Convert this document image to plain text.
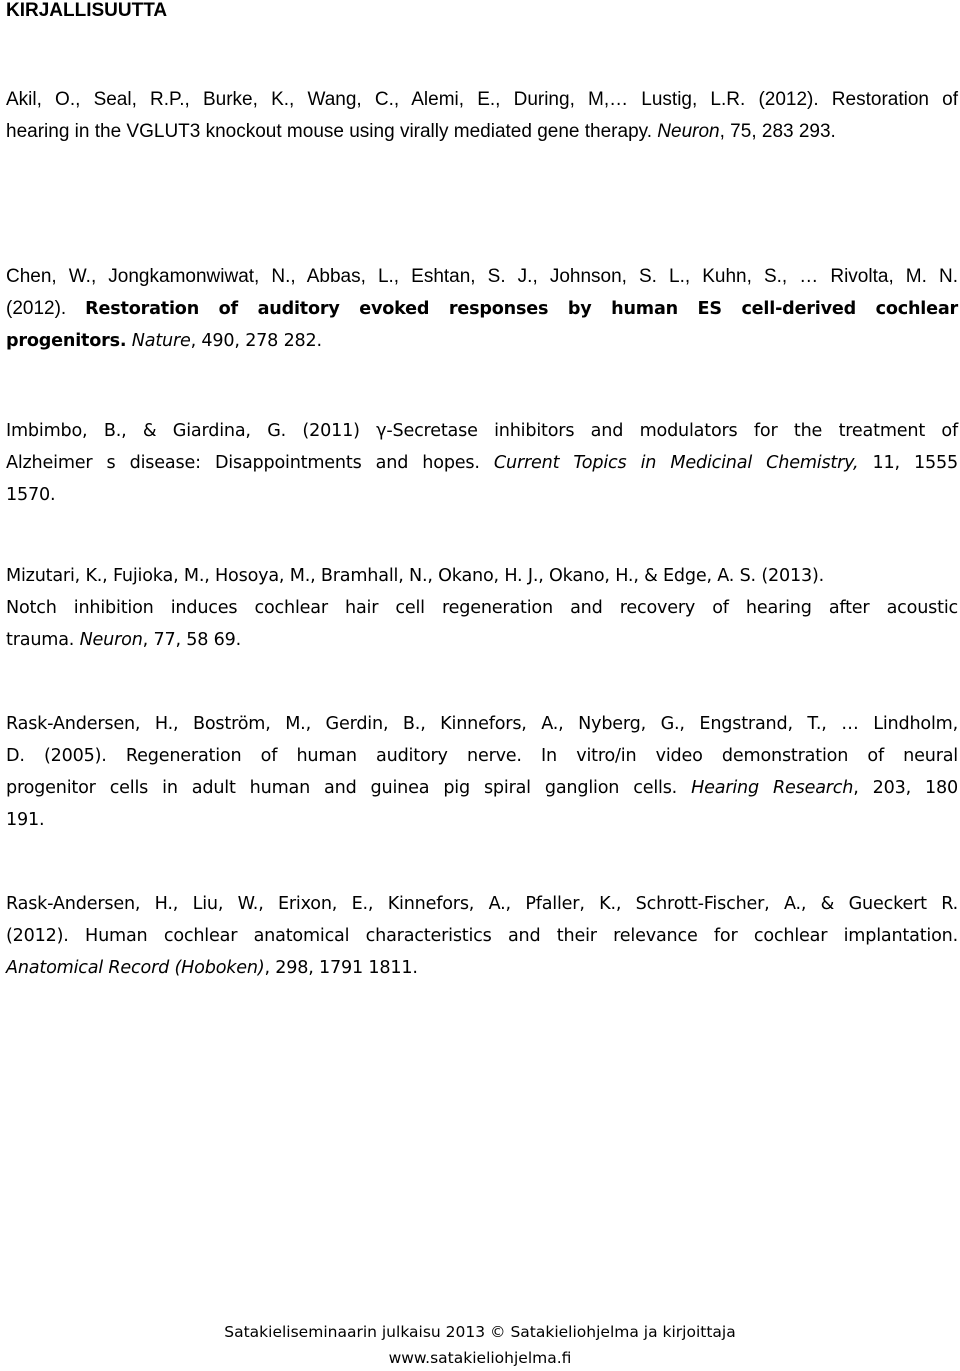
KIRJALLISUUTTA
Akil, O., Seal, R.P., Burke, K., Wang, C., Alemi, E., During, M,… Lustig, L.R. (2012). Restoration of
hearing in the VGLUT3 knockout mouse using virally mediated gene therapy. Neuron, 75, 283 293.
Chen, W., Jongkamonwiwat, N., Abbas, L., Eshtan, S. J., Johnson, S. L., Kuhn, S., … Rivolta, M. N.
(2012). Restoration of auditory evoked responses by human ES cell-derived cochlear
progenitors. Nature, 490, 278 282.
Imbimbo, B., & Giardina, G. (2011) γ-Secretase inhibitors and modulators for the treatment of
Alzheimer s disease: Disappointments and hopes. Current Topics in Medicinal Chemistry, 11, 1555
1570.
Mizutari, K., Fujioka, M., Hosoya, M., Bramhall, N., Okano, H. J., Okano, H., & Edge, A. S. (2013).
Notch inhibition induces cochlear hair cell regeneration and recovery of hearing after acoustic
trauma. Neuron, 77, 58 69.
Rask-Andersen, H., Boström, M., Gerdin, B., Kinnefors, A., Nyberg, G., Engstrand, T., … Lindholm,
D. (2005). Regeneration of human auditory nerve. In vitro/in video demonstration of neural
progenitor cells in adult human and guinea pig spiral ganglion cells. Hearing Research, 203, 180
191.
Rask-Andersen, H., Liu, W., Erixon, E., Kinnefors, A., Pfaller, K., Schrott-Fischer, A., & Gueckert R.
(2012). Human cochlear anatomical characteristics and their relevance for cochlear implantation.
Anatomical Record (Hoboken), 298, 1791 1811.

Satakieliseminaarin julkaisu 2013 © Satakieliohjelma ja kirjoittaja

www.satakieliohjelma.fi
